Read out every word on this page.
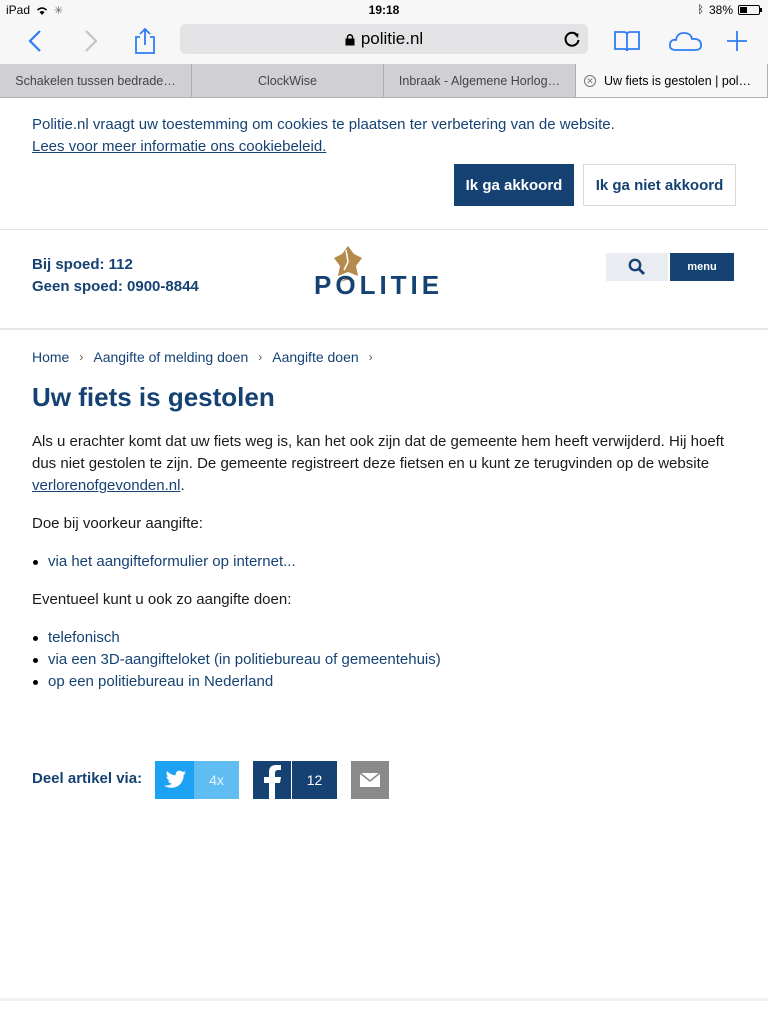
iPad ✳	19:18	ᛒ 38%
politie.nl
Schakelen tussen bedrade…	ClockWise	Inbraak - Algemene Horlog…	✕ Uw fiets is gestolen | pol…
Politie.nl vraagt uw toestemming om cookies te plaatsen ter verbetering van de website.
Lees voor meer informatie ons cookiebeleid.
Ik ga akkoord	Ik ga niet akkoord
Bij spoed: 112
Geen spoed: 0900-8844	POLITIE
menu
Home › Aangifte of melding doen › Aangifte doen ›
Uw fiets is gestolen

Als u erachter komt dat uw fiets weg is, kan het ook zijn dat de gemeente hem heeft verwijderd. Hij hoeft dus niet gestolen te zijn. De gemeente registreert deze fietsen en u kunt ze terugvinden op de website verlorenofgevonden.nl.

Doe bij voorkeur aangifte:

via het aangifteformulier op internet...

Eventueel kunt u ook zo aangifte doen:

telefonisch
via een 3D-aangifteloket (in politiebureau of gemeentehuis)
op een politiebureau in Nederland
Deel artikel via:	4x	12
